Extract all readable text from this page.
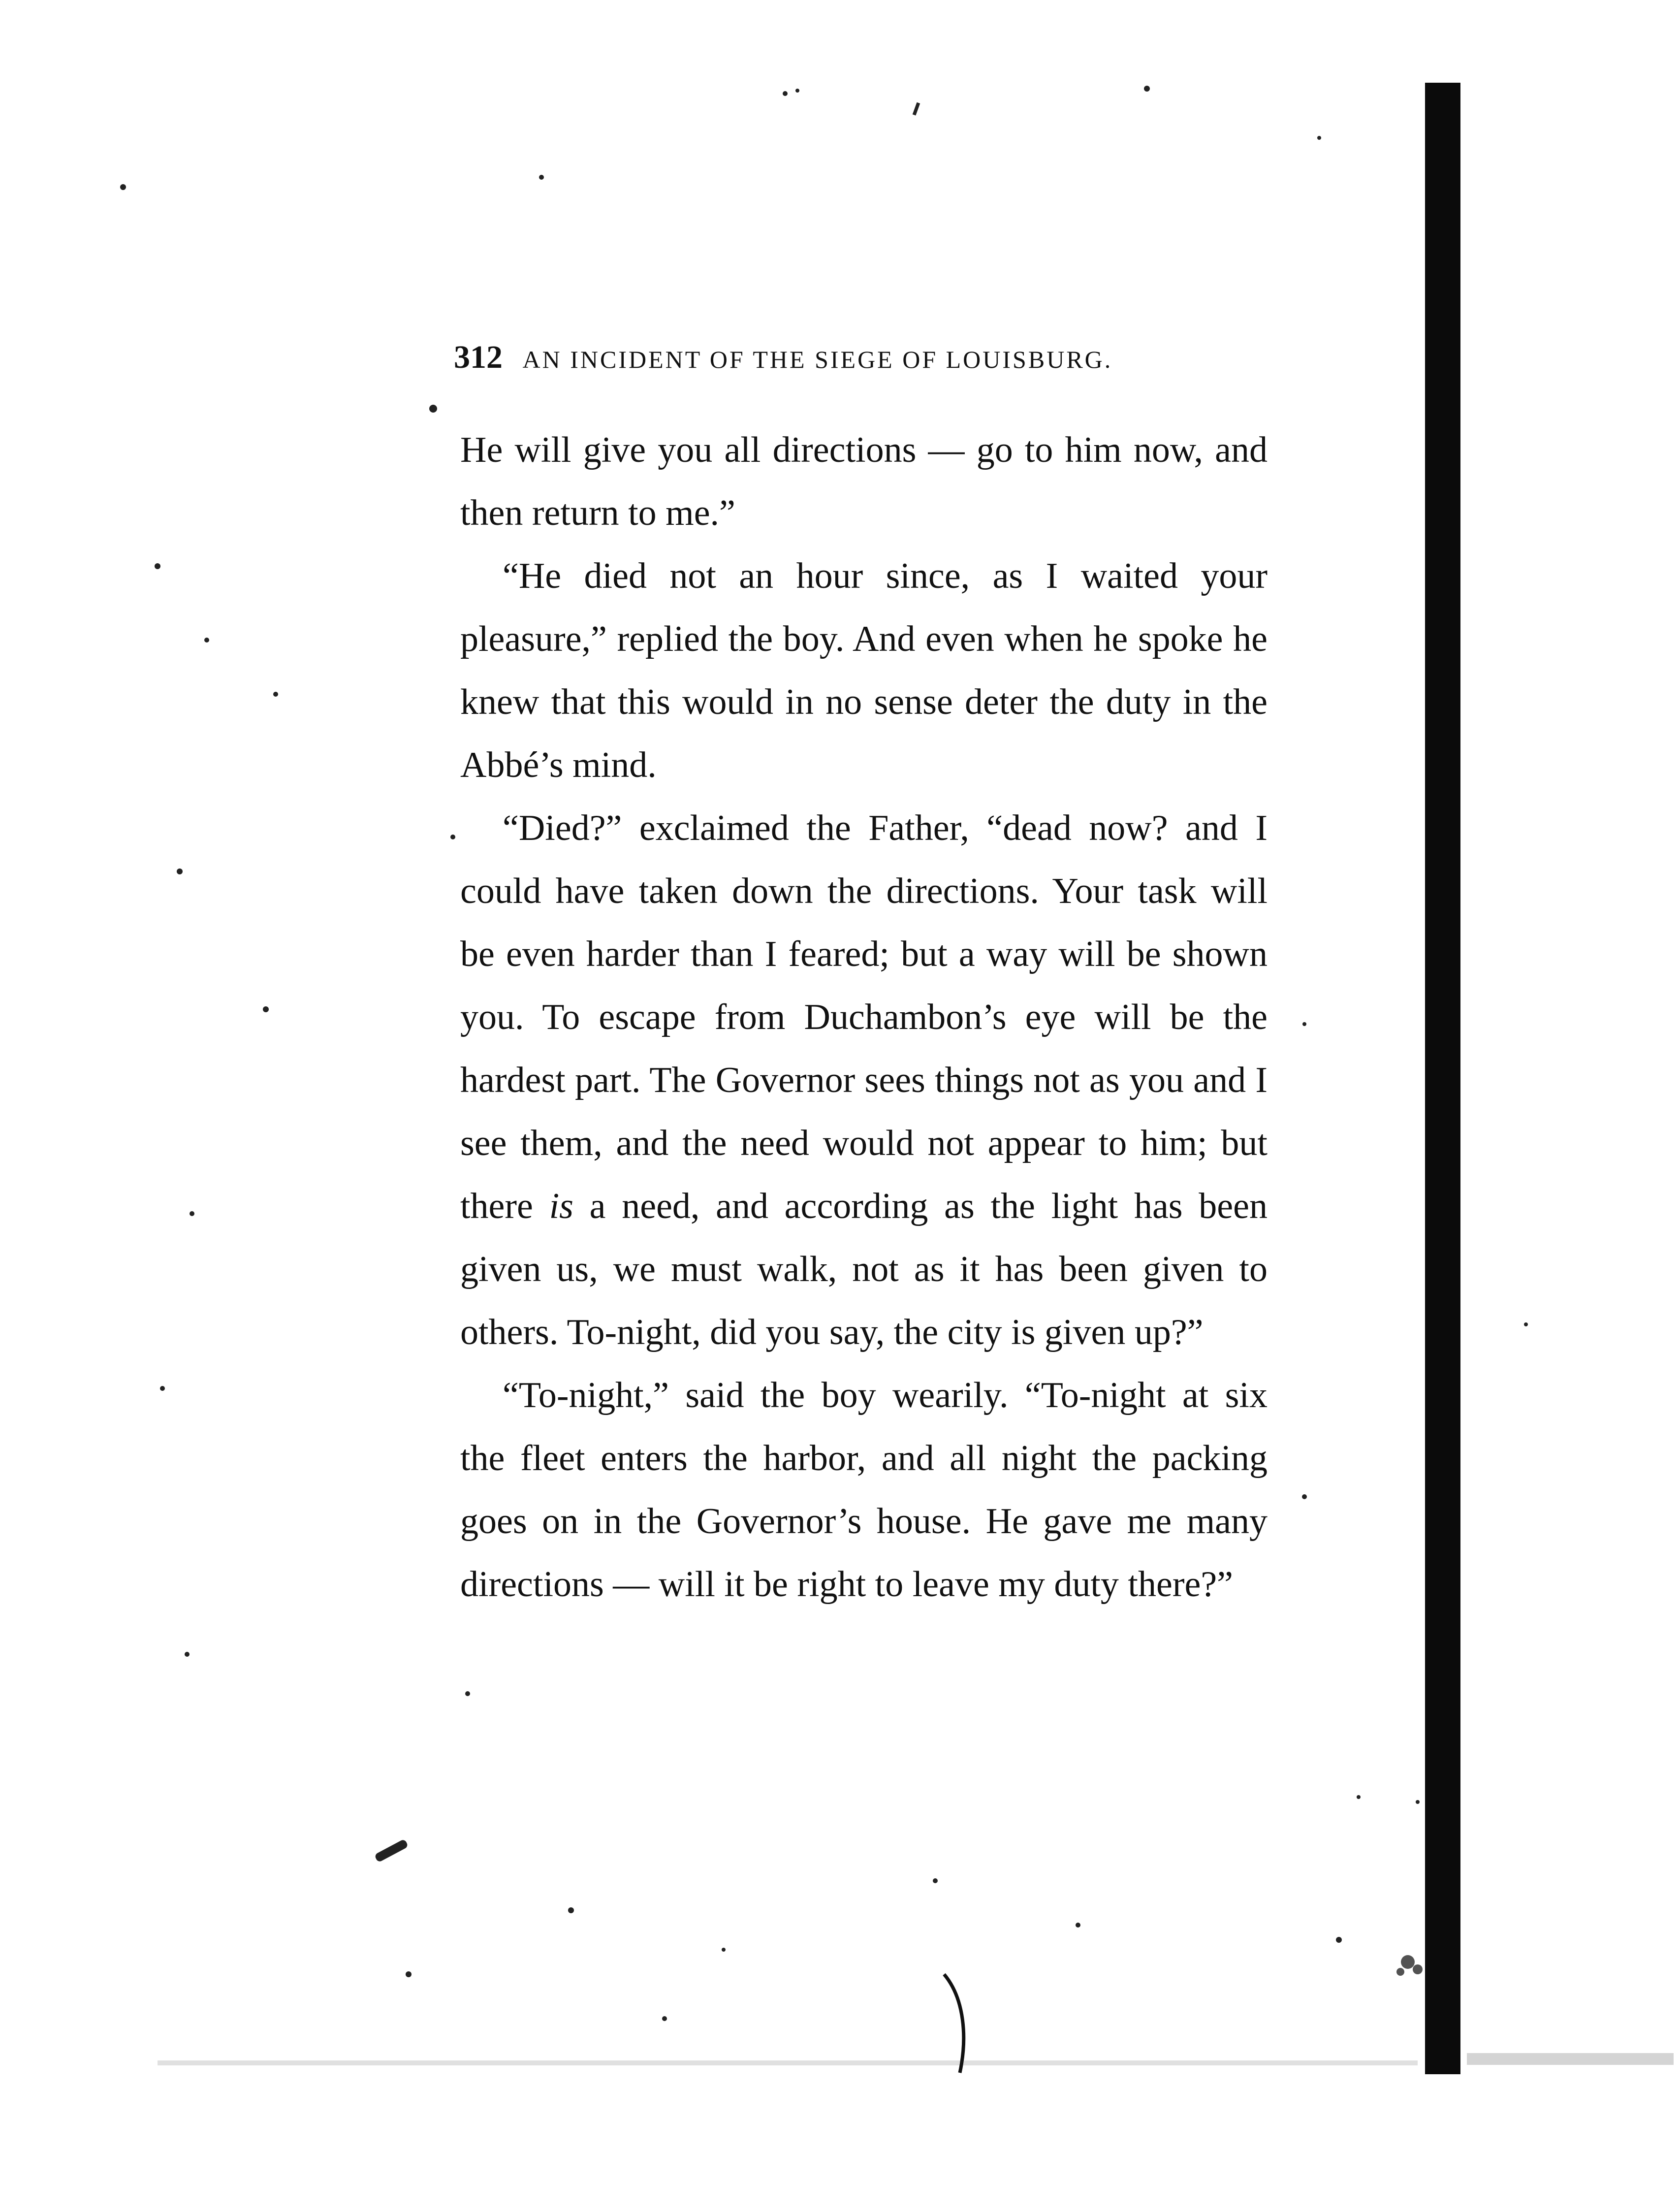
312 AN INCIDENT OF THE SIEGE OF LOUISBURG.

He will give you all directions — go to him now, and then return to me.”

“He died not an hour since, as I waited your pleasure,” replied the boy. And even when he spoke he knew that this would in no sense deter the duty in the Abbé’s mind.

“Died?” exclaimed the Father, “dead now? and I could have taken down the directions. Your task will be even harder than I feared; but a way will be shown you. To escape from Duchambon’s eye will be the hardest part. The Governor sees things not as you and I see them, and the need would not appear to him; but there is a need, and according as the light has been given us, we must walk, not as it has been given to others. To-night, did you say, the city is given up?”

“To-night,” said the boy wearily. “To-night at six the fleet enters the harbor, and all night the packing goes on in the Governor’s house. He gave me many directions — will it be right to leave my duty there?”
